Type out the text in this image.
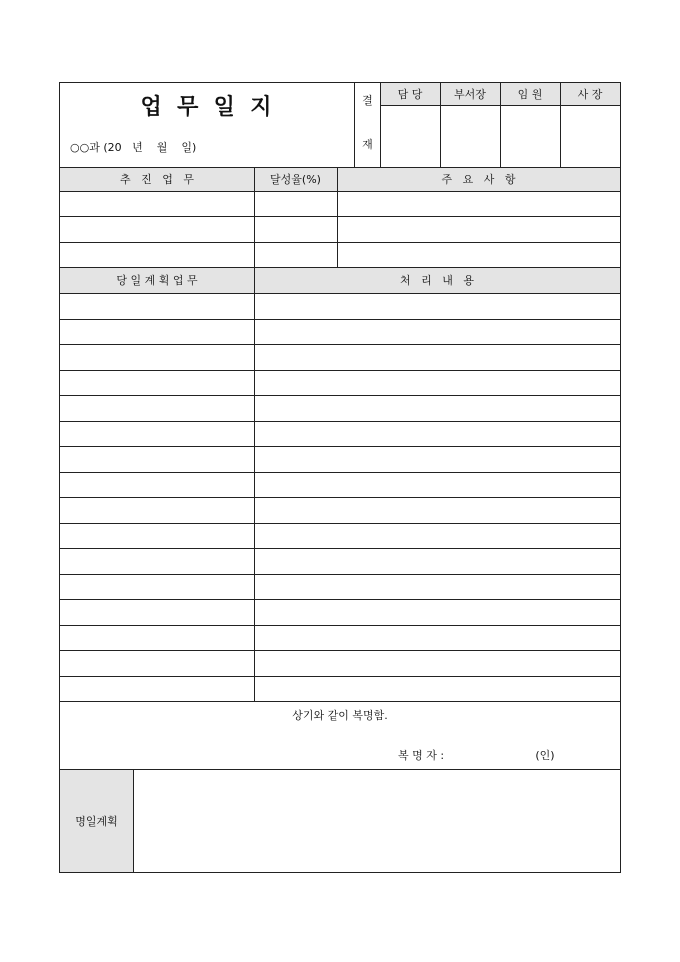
업  무  일  지
○○과 (20   년    월    일)
결
재
담 당	부서장	임 원	사 장
추   진   업   무	달성율(%)	주   요   사   항
당 일 계 획 업 무	처   리   내   용
상기와 같이 복명함.
복 명 자 :	(인)
명일계획
